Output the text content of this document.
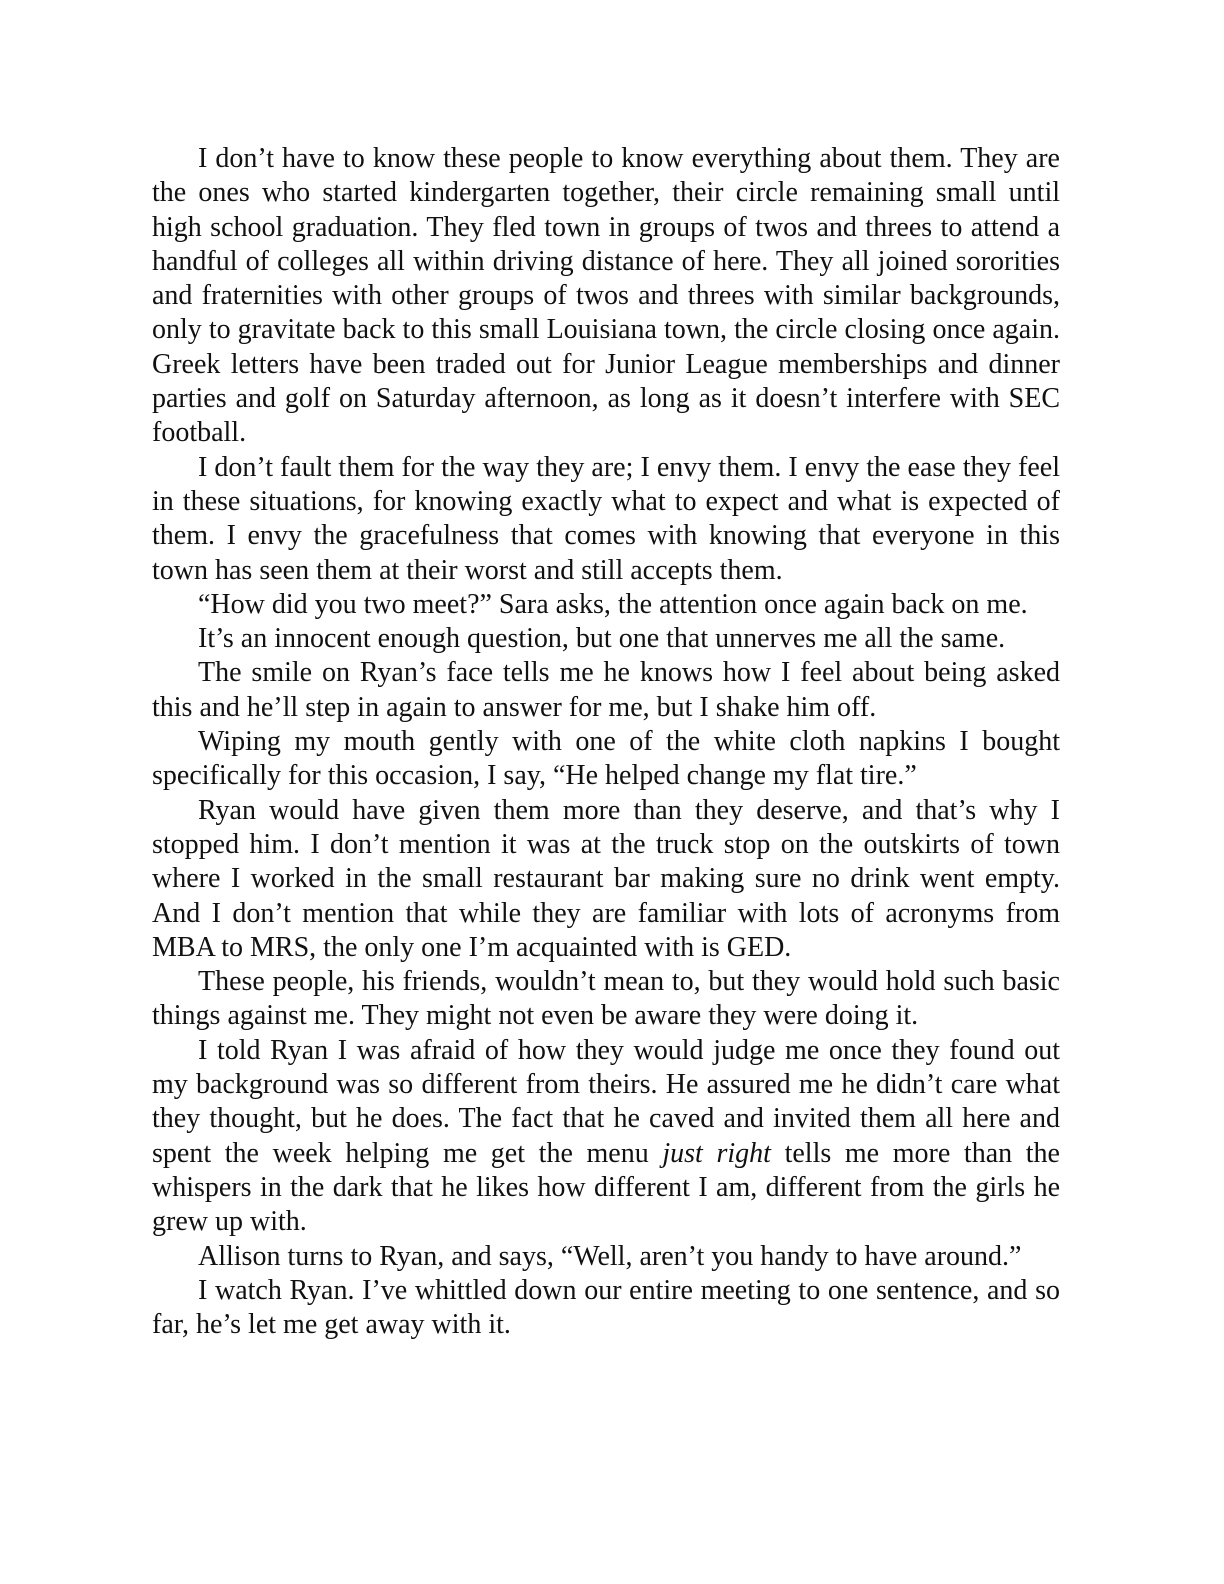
I don’t have to know these people to know everything about them. They are the ones who started kindergarten together, their circle remaining small until high school graduation. They fled town in groups of twos and threes to attend a handful of colleges all within driving distance of here. They all joined sororities and fraternities with other groups of twos and threes with similar backgrounds, only to gravitate back to this small Louisiana town, the circle closing once again. Greek letters have been traded out for Junior League memberships and dinner parties and golf on Saturday afternoon, as long as it doesn’t interfere with SEC football.

I don’t fault them for the way they are; I envy them. I envy the ease they feel in these situations, for knowing exactly what to expect and what is expected of them. I envy the gracefulness that comes with knowing that everyone in this town has seen them at their worst and still accepts them.

“How did you two meet?” Sara asks, the attention once again back on me.

It’s an innocent enough question, but one that unnerves me all the same.

The smile on Ryan’s face tells me he knows how I feel about being asked this and he’ll step in again to answer for me, but I shake him off.

Wiping my mouth gently with one of the white cloth napkins I bought specifically for this occasion, I say, “He helped change my flat tire.”

Ryan would have given them more than they deserve, and that’s why I stopped him. I don’t mention it was at the truck stop on the outskirts of town where I worked in the small restaurant bar making sure no drink went empty. And I don’t mention that while they are familiar with lots of acronyms from MBA to MRS, the only one I’m acquainted with is GED.

These people, his friends, wouldn’t mean to, but they would hold such basic things against me. They might not even be aware they were doing it.

I told Ryan I was afraid of how they would judge me once they found out my background was so different from theirs. He assured me he didn’t care what they thought, but he does. The fact that he caved and invited them all here and spent the week helping me get the menu just right tells me more than the whispers in the dark that he likes how different I am, different from the girls he grew up with.

Allison turns to Ryan, and says, “Well, aren’t you handy to have around.”

I watch Ryan. I’ve whittled down our entire meeting to one sentence, and so far, he’s let me get away with it.
